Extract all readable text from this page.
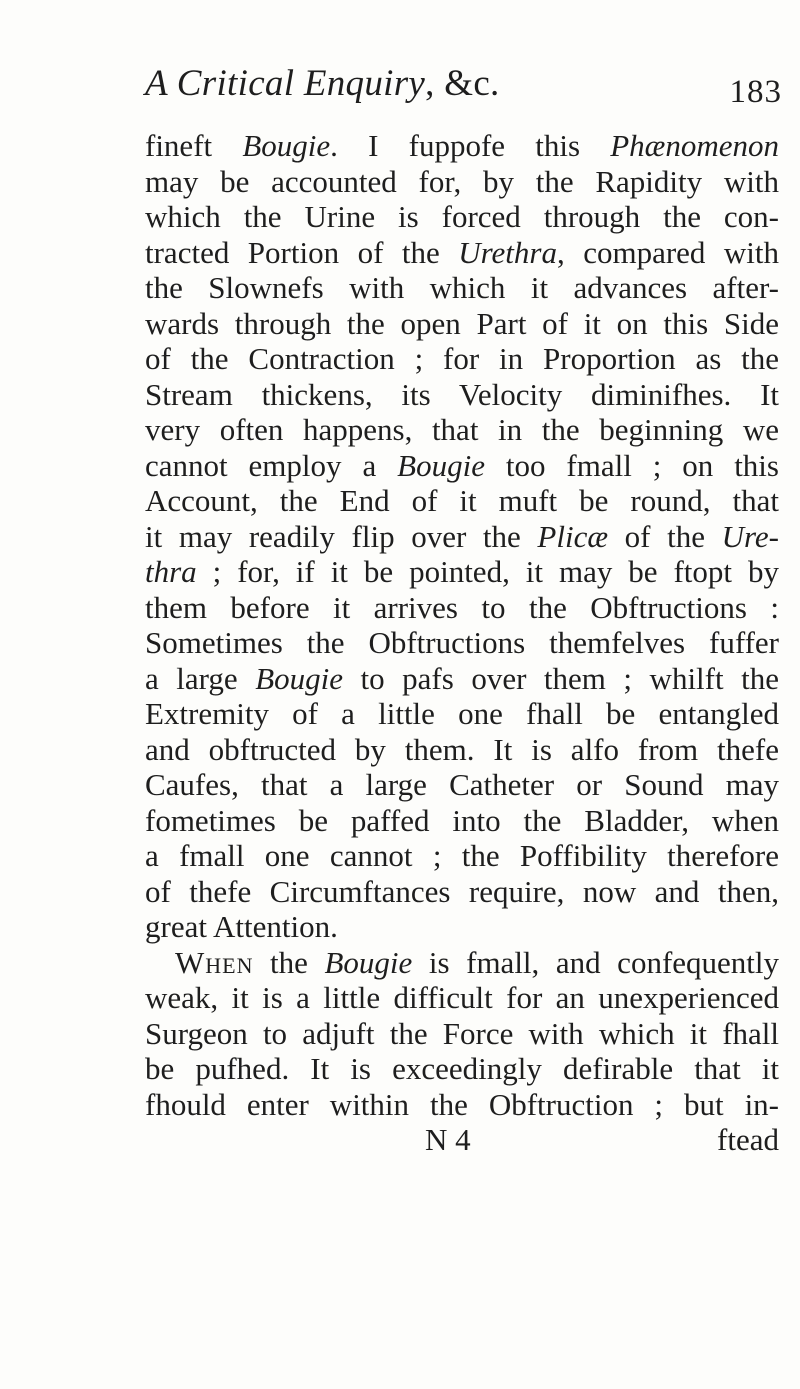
A Critical Enquiry, &c.	183
fineft Bougie. I fuppofe this Phænomenon
may be accounted for, by the Rapidity with
which the Urine is forced through the con-
tracted Portion of the Urethra, compared with
the Slownefs with which it advances after-
wards through the open Part of it on this Side
of the Contraction ; for in Proportion as the
Stream thickens, its Velocity diminifhes. It
very often happens, that in the beginning we
cannot employ a Bougie too fmall ; on this
Account, the End of it muft be round, that
it may readily flip over the Plicæ of the Ure-
thra ; for, if it be pointed, it may be ftopt by
them before it arrives to the Obftructions :
Sometimes the Obftructions themfelves fuffer
a large Bougie to pafs over them ; whilft the
Extremity of a little one fhall be entangled
and obftructed by them. It is alfo from thefe
Caufes, that a large Catheter or Sound may
fometimes be paffed into the Bladder, when
a fmall one cannot ; the Poffibility therefore
of thefe Circumftances require, now and then,
great Attention.
When the Bougie is fmall, and confequently
weak, it is a little difficult for an unexperienced
Surgeon to adjuft the Force with which it fhall
be pufhed. It is exceedingly defirable that it
fhould enter within the Obftruction ; but in-
N 4	ftead
